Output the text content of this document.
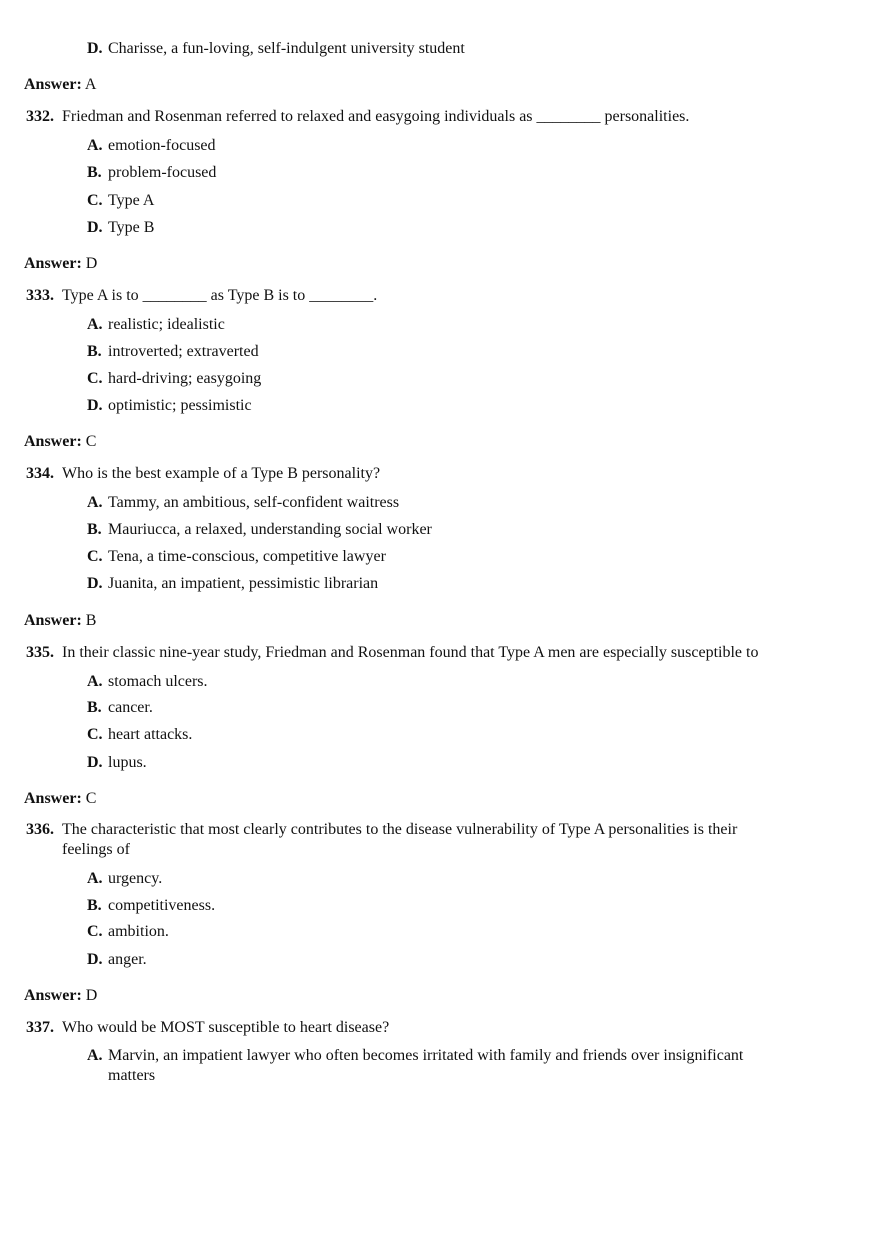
D. Charisse, a fun-loving, self-indulgent university student
Answer: A
332. Friedman and Rosenman referred to relaxed and easygoing individuals as ________ personalities.
A. emotion-focused
B. problem-focused
C. Type A
D. Type B
Answer: D
333. Type A is to ________ as Type B is to ________.
A. realistic; idealistic
B. introverted; extraverted
C. hard-driving; easygoing
D. optimistic; pessimistic
Answer: C
334. Who is the best example of a Type B personality?
A. Tammy, an ambitious, self-confident waitress
B. Mauriucca, a relaxed, understanding social worker
C. Tena, a time-conscious, competitive lawyer
D. Juanita, an impatient, pessimistic librarian
Answer: B
335. In their classic nine-year study, Friedman and Rosenman found that Type A men are especially susceptible to
A. stomach ulcers.
B. cancer.
C. heart attacks.
D. lupus.
Answer: C
336. The characteristic that most clearly contributes to the disease vulnerability of Type A personalities is their
feelings of
A. urgency.
B. competitiveness.
C. ambition.
D. anger.
Answer: D
337. Who would be MOST susceptible to heart disease?
A. Marvin, an impatient lawyer who often becomes irritated with family and friends over insignificant
matters
